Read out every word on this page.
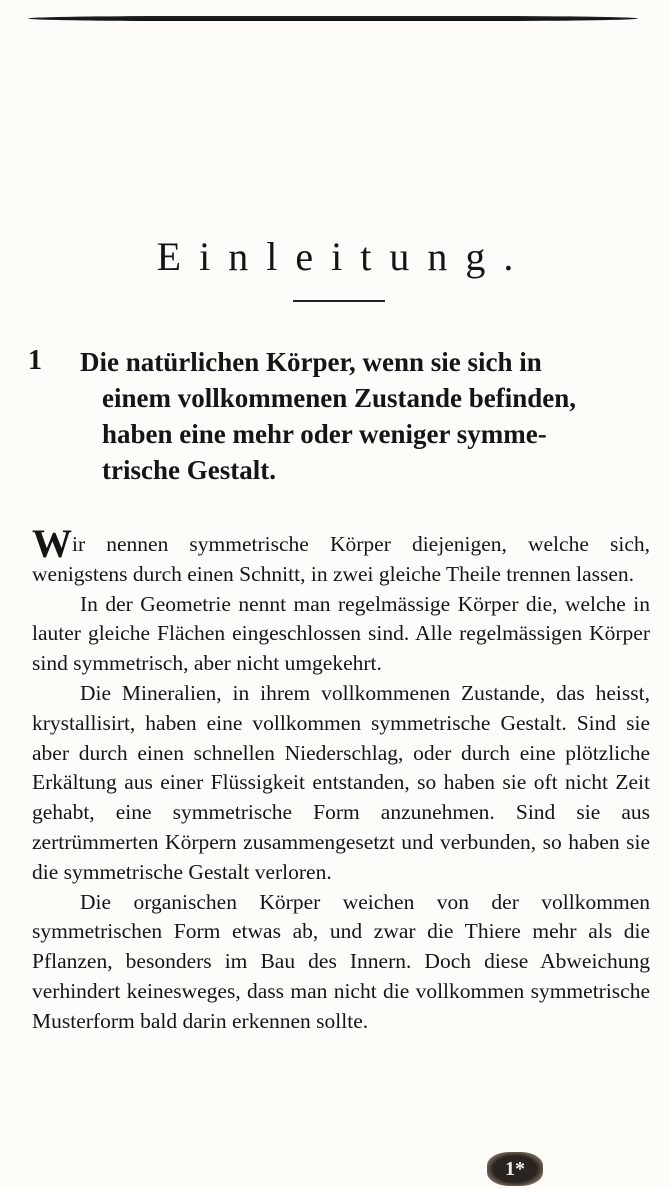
Einleitung.
1 Die natürlichen Körper, wenn sie sich in
einem vollkommenen Zustande befinden,
haben eine mehr oder weniger symme-
trische Gestalt.

Wir nennen symmetrische Körper diejenigen, welche sich, wenigstens durch einen Schnitt, in zwei gleiche Theile trennen lassen.

In der Geometrie nennt man regelmässige Körper die, welche in lauter gleiche Flächen eingeschlossen sind. Alle regelmässigen Körper sind symmetrisch, aber nicht umgekehrt.

Die Mineralien, in ihrem vollkommenen Zustande, das heisst, krystallisirt, haben eine vollkommen symmetrische Gestalt. Sind sie aber durch einen schnellen Niederschlag, oder durch eine plötzliche Erkältung aus einer Flüssigkeit entstanden, so haben sie oft nicht Zeit gehabt, eine symmetrische Form anzunehmen. Sind sie aus zertrümmerten Körpern zusammengesetzt und verbunden, so haben sie die symmetrische Gestalt verloren.

Die organischen Körper weichen von der vollkommen symmetrischen Form etwas ab, und zwar die Thiere mehr als die Pflanzen, besonders im Bau des Innern. Doch diese Abweichung verhindert keinesweges, dass man nicht die vollkommen symmetrische Musterform bald darin erkennen sollte.

1*
